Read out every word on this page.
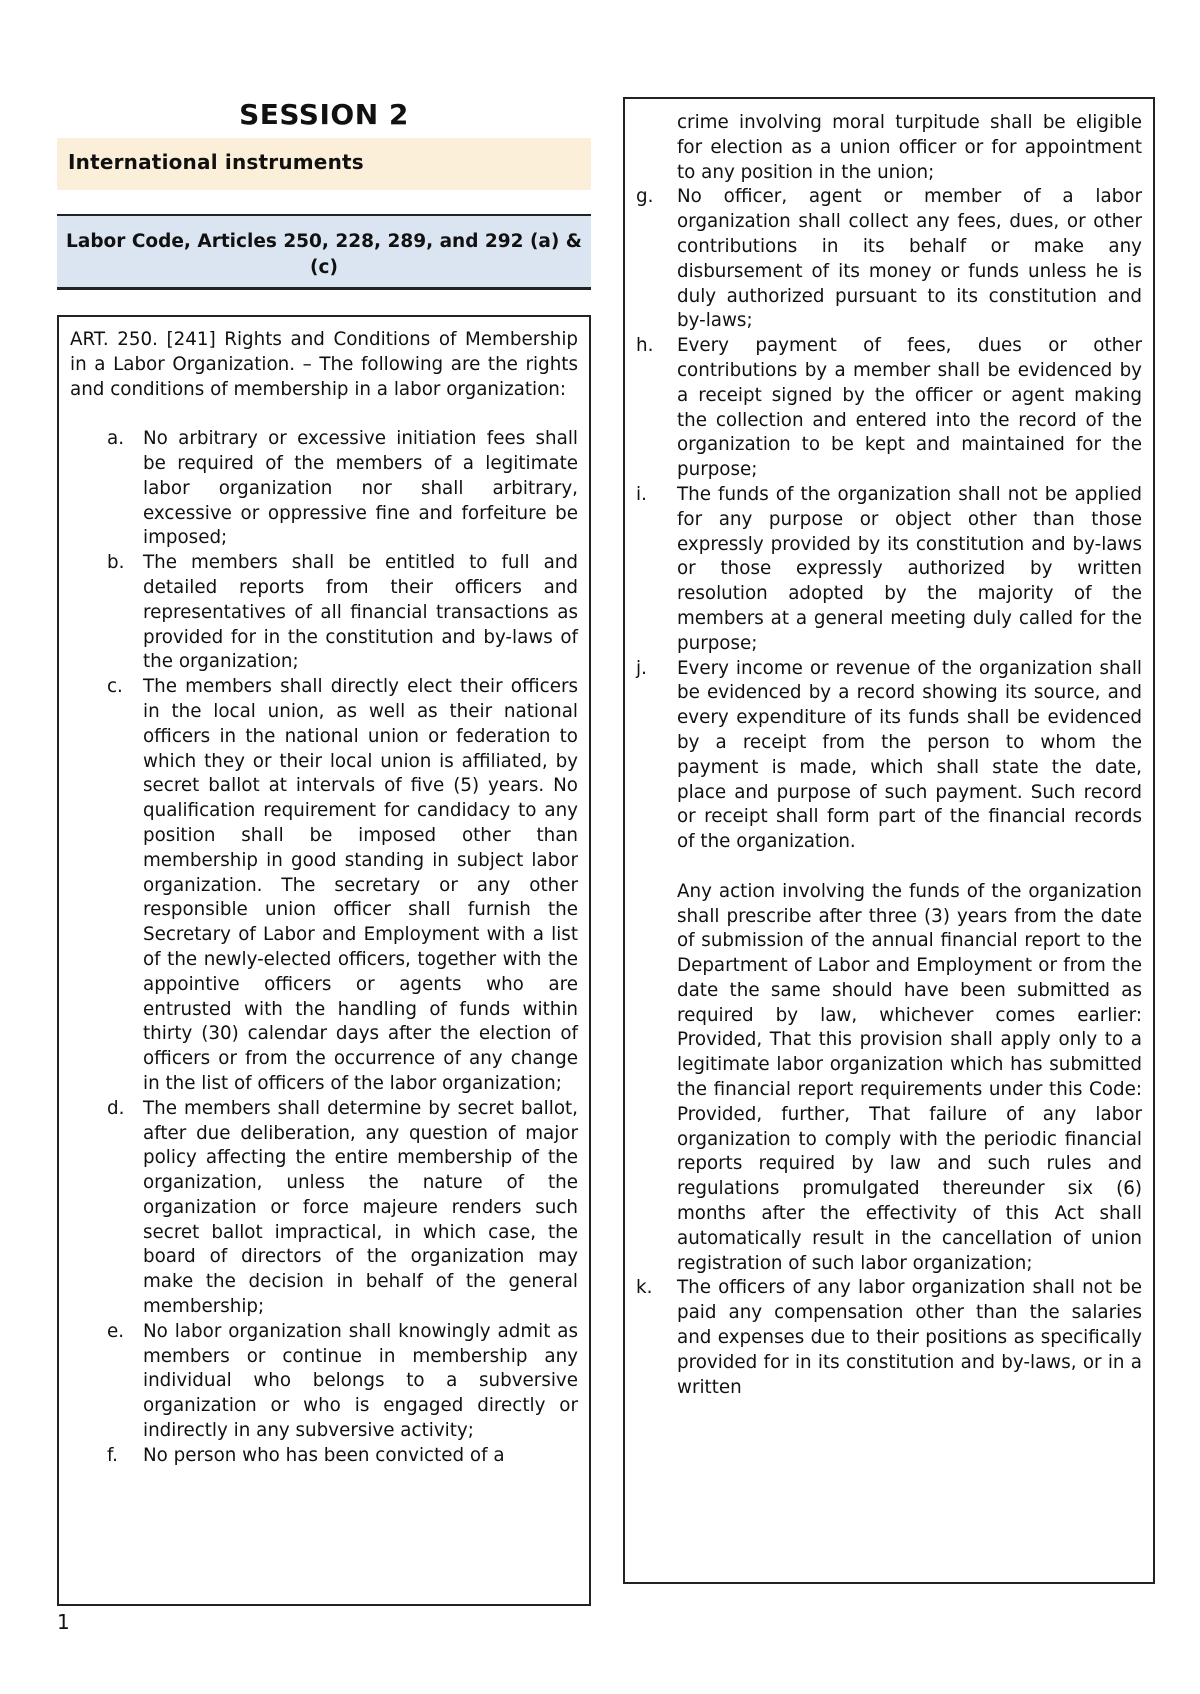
SESSION 2
International instruments
Labor Code, Articles 250, 228, 289, and 292 (a) & (c)

ART. 250. [241] Rights and Conditions of Membership in a Labor Organization. – The following are the rights and conditions of membership in a labor organization:

a.	No arbitrary or excessive initiation fees shall be required of the members of a legitimate labor organization nor shall arbitrary, excessive or oppressive fine and forfeiture be imposed;
b.	The members shall be entitled to full and detailed reports from their officers and representatives of all financial transactions as provided for in the constitution and by-laws of the organization;
c.	The members shall directly elect their officers in the local union, as well as their national officers in the national union or federation to which they or their local union is affiliated, by secret ballot at intervals of five (5) years. No qualification requirement for candidacy to any position shall be imposed other than membership in good standing in subject labor organization. The secretary or any other responsible union officer shall furnish the Secretary of Labor and Employment with a list of the newly-elected officers, together with the appointive officers or agents who are entrusted with the handling of funds within thirty (30) calendar days after the election of officers or from the occurrence of any change in the list of officers of the labor organization;
d.	The members shall determine by secret ballot, after due deliberation, any question of major policy affecting the entire membership of the organization, unless the nature of the organization or force majeure renders such secret ballot impractical, in which case, the board of directors of the organization may make the decision in behalf of the general membership;
e.	No labor organization shall knowingly admit as members or continue in membership any individual who belongs to a subversive organization or who is engaged directly or indirectly in any subversive activity;
f.	No person who has been convicted of a

crime involving moral turpitude shall be eligible for election as a union officer or for appointment to any position in the union;

g.	No officer, agent or member of a labor organization shall collect any fees, dues, or other contributions in its behalf or make any disbursement of its money or funds unless he is duly authorized pursuant to its constitution and by-laws;
h.	Every payment of fees, dues or other contributions by a member shall be evidenced by a receipt signed by the officer or agent making the collection and entered into the record of the organization to be kept and maintained for the purpose;
i.	The funds of the organization shall not be applied for any purpose or object other than those expressly provided by its constitution and by-laws or those expressly authorized by written resolution adopted by the majority of the members at a general meeting duly called for the purpose;
j.	Every income or revenue of the organization shall be evidenced by a record showing its source, and every expenditure of its funds shall be evidenced by a receipt from the person to whom the payment is made, which shall state the date, place and purpose of such payment. Such record or receipt shall form part of the financial records of the organization.
Any action involving the funds of the organization shall prescribe after three (3) years from the date of submission of the annual financial report to the Department of Labor and Employment or from the date the same should have been submitted as required by law, whichever comes earlier: Provided, That this provision shall apply only to a legitimate labor organization which has submitted the financial report requirements under this Code: Provided, further, That failure of any labor organization to comply with the periodic financial reports required by law and such rules and regulations promulgated thereunder six (6) months after the effectivity of this Act shall automatically result in the cancellation of union registration of such labor organization;
k.	The officers of any labor organization shall not be paid any compensation other than the salaries and expenses due to their positions as specifically provided for in its constitution and by-laws, or in a written
1
